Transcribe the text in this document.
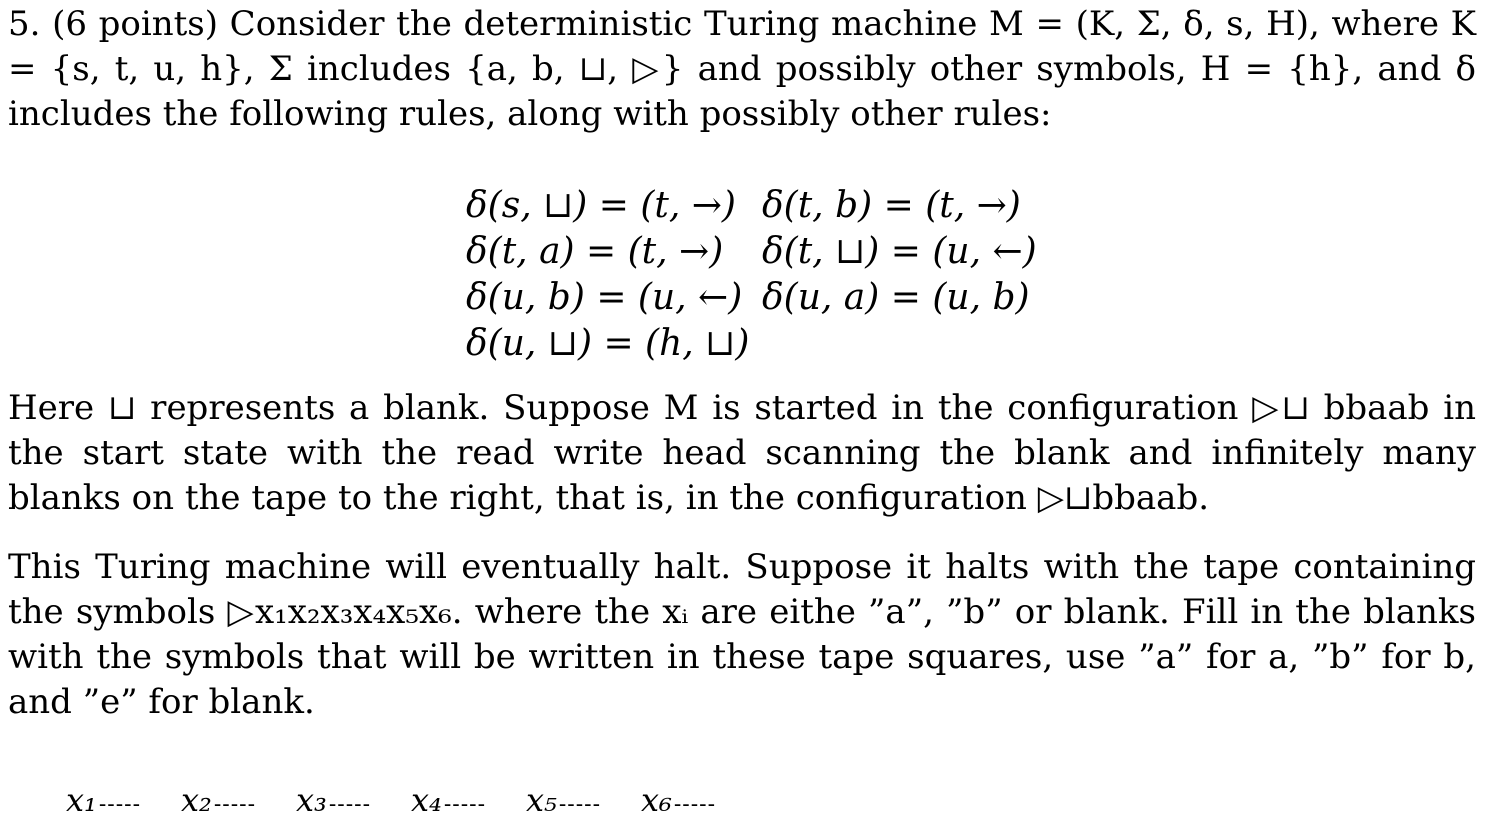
5. (6 points) Consider the deterministic Turing machine M = (K, Σ, δ, s, H), where K = {s, t, u, h}, Σ includes {a, b, ⊔, ▷} and possibly other symbols, H = {h}, and δ includes the following rules, along with possibly other rules:

δ(s, ⊔) = (t, →) δ(t, b) = (t, →)
δ(t, a) = (t, →)	δ(t, ⊔) = (u, ←)
δ(u, b) = (u, ←) δ(u, a) = (u, b)
δ(u, ⊔) = (h, ⊔)

Here ⊔ represents a blank. Suppose M is started in the configuration ▷⊔ bbaab in the start state with the read write head scanning the blank and infinitely many blanks on the tape to the right, that is, in the configuration ▷⊔bbaab.

This Turing machine will eventually halt. Suppose it halts with the tape containing the symbols ▷x₁x₂x₃x₄x₅x₆. where the xᵢ are eithe ”a”, ”b” or blank. Fill in the blanks with the symbols that will be written in these tape squares, use ”a” for a, ”b” for b, and ”e” for blank.

x₁ ----- x₂ ----- x₃ ----- x₄ ----- x₅ ----- x₆ -----
